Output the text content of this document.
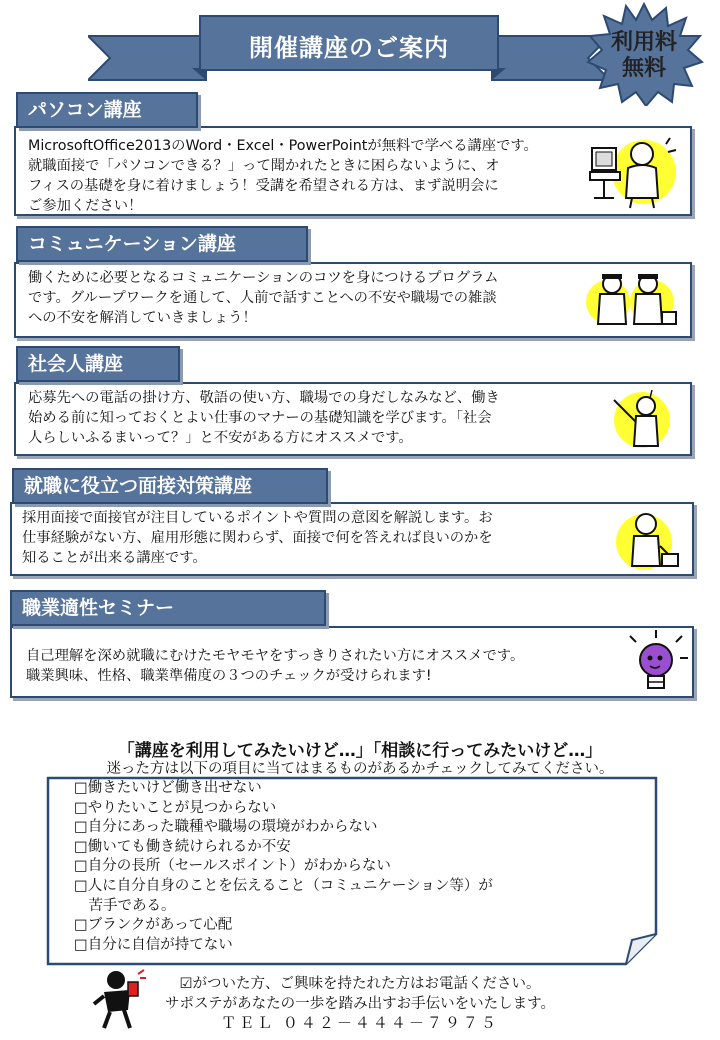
開催講座のご案内	利用料
無料
パソコン講座
MicrosoftOffice2013のWord・Excel・PowerPointが無料で学べる講座です。
就職面接で「パソコンできる？」って聞かれたときに困らないように、オ
フィスの基礎を身に着けましょう！受講を希望される方は、まず説明会に
ご参加ください！
コミュニケーション講座
働くために必要となるコミュニケーションのコツを身につけるプログラム
です。グループワークを通して、人前で話すことへの不安や職場での雑談
への不安を解消していきましょう！
社会人講座
応募先への電話の掛け方、敬語の使い方、職場での身だしなみなど、働き
始める前に知っておくとよい仕事のマナーの基礎知識を学びます。「社会
人らしいふるまいって？」と不安がある方にオススメです。
就職に役立つ面接対策講座
採用面接で面接官が注目しているポイントや質問の意図を解説します。お
仕事経験がない方、雇用形態に関わらず、面接で何を答えれば良いのかを
知ることが出来る講座です。
職業適性セミナー
自己理解を深め就職にむけたモヤモヤをすっきりされたい方にオススメです。
職業興味、性格、職業準備度の３つのチェックが受けられます!
「講座を利用してみたいけど…」「相談に行ってみたいけど…」
迷った方は以下の項目に当てはまるものがあるかチェックしてみてください。
□働きたいけど働き出せない
□やりたいことが見つからない
□自分にあった職種や職場の環境がわからない
□働いても働き続けられるか不安
□自分の長所（セールスポイント）がわからない
□人に自分自身のことを伝えること（コミュニケーション等）が
　苦手である。
□ブランクがあって心配
□自分に自信が持てない
☑がついた方、ご興味を持たれた方はお電話ください。
サポステがあなたの一歩を踏み出すお手伝いをいたします。
ＴＥＬ ０４２－４４４－７９７５
